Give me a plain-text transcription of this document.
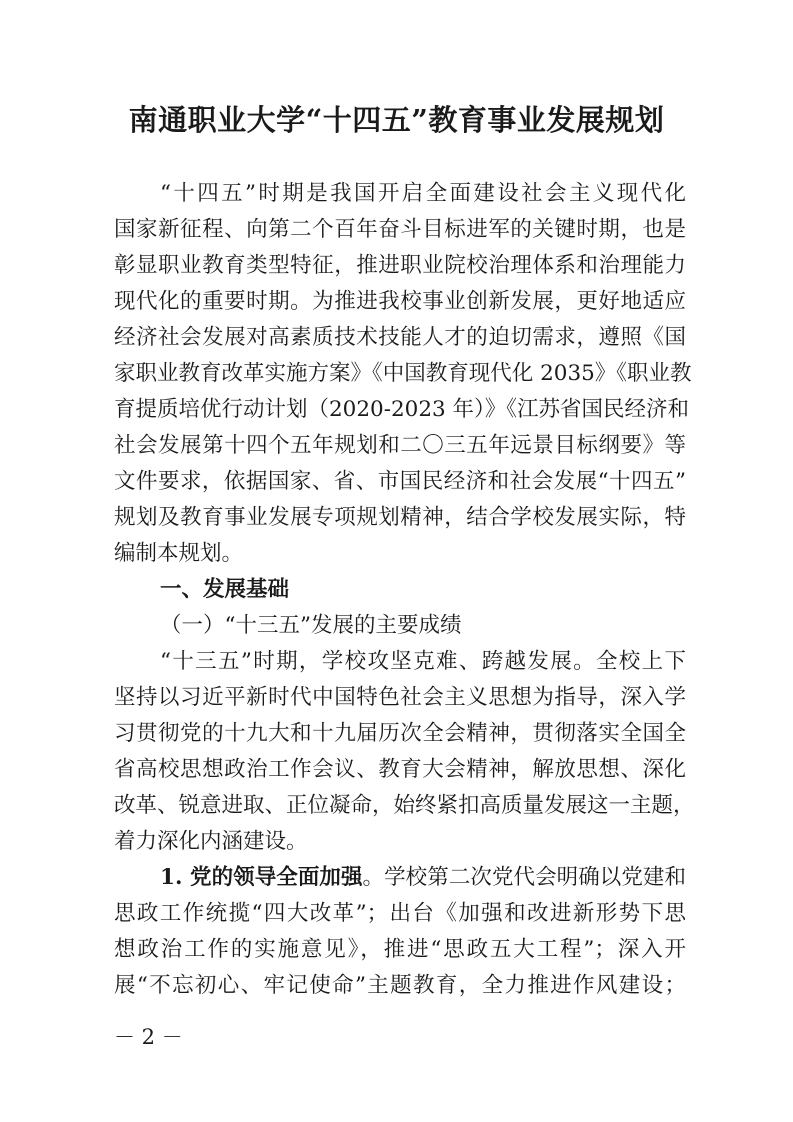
南通职业大学“十四五”教育事业发展规划
“十四五”时期是我国开启全面建设社会主义现代化
国家新征程、向第二个百年奋斗目标进军的关键时期，也是
彰显职业教育类型特征，推进职业院校治理体系和治理能力
现代化的重要时期。为推进我校事业创新发展，更好地适应
经济社会发展对高素质技术技能人才的迫切需求，遵照《国
家职业教育改革实施方案》《中国教育现代化 2035》《职业教
育提质培优行动计划（2020-2023 年）》《江苏省国民经济和
社会发展第十四个五年规划和二〇三五年远景目标纲要》等
文件要求，依据国家、省、市国民经济和社会发展“十四五”
规划及教育事业发展专项规划精神，结合学校发展实际，特
编制本规划。
一、发展基础
（一）“十三五”发展的主要成绩
“十三五”时期，学校攻坚克难、跨越发展。全校上下
坚持以习近平新时代中国特色社会主义思想为指导，深入学
习贯彻党的十九大和十九届历次全会精神，贯彻落实全国全
省高校思想政治工作会议、教育大会精神，解放思想、深化
改革、锐意进取、正位凝命，始终紧扣高质量发展这一主题，
着力深化内涵建设。
1. 党的领导全面加强。学校第二次党代会明确以党建和
思政工作统揽“四大改革”；出台《加强和改进新形势下思
想政治工作的实施意见》，推进“思政五大工程”；深入开
展“不忘初心、牢记使命”主题教育，全力推进作风建设；
－ 2 －
